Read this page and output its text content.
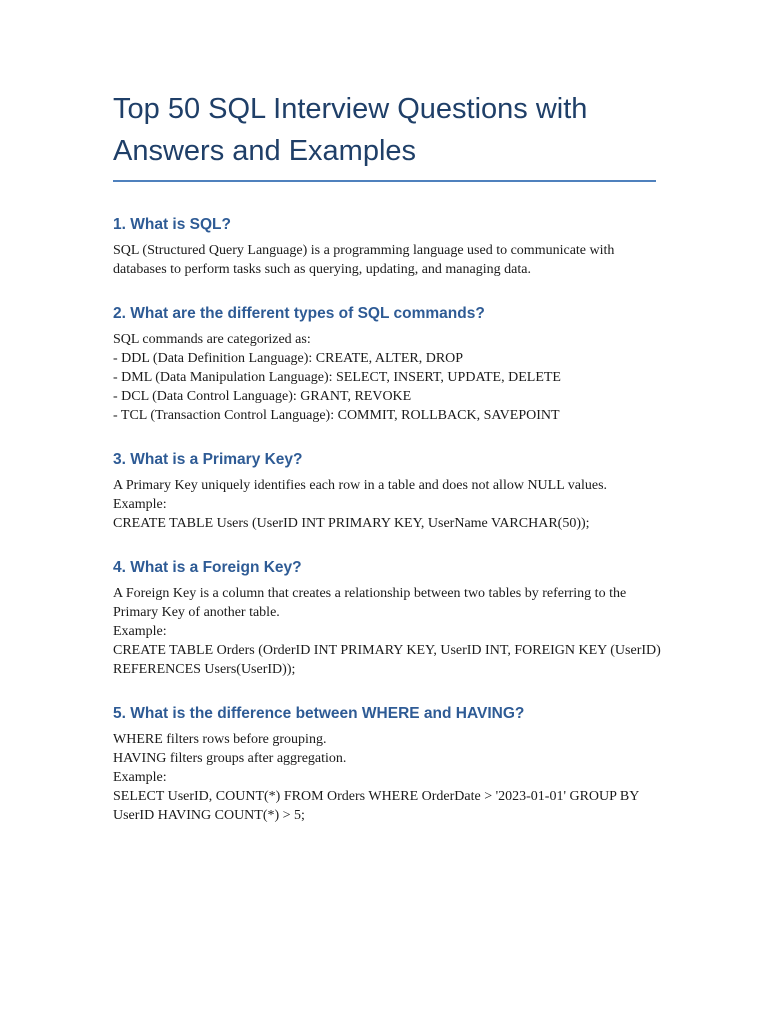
Top 50 SQL Interview Questions with
Answers and Examples
1. What is SQL?

SQL (Structured Query Language) is a programming language used to communicate with

databases to perform tasks such as querying, updating, and managing data.

2. What are the different types of SQL commands?

SQL commands are categorized as:

- DDL (Data Definition Language): CREATE, ALTER, DROP

- DML (Data Manipulation Language): SELECT, INSERT, UPDATE, DELETE

- DCL (Data Control Language): GRANT, REVOKE

- TCL (Transaction Control Language): COMMIT, ROLLBACK, SAVEPOINT

3. What is a Primary Key?

A Primary Key uniquely identifies each row in a table and does not allow NULL values.

Example:

CREATE TABLE Users (UserID INT PRIMARY KEY, UserName VARCHAR(50));

4. What is a Foreign Key?

A Foreign Key is a column that creates a relationship between two tables by referring to the

Primary Key of another table.

Example:

CREATE TABLE Orders (OrderID INT PRIMARY KEY, UserID INT, FOREIGN KEY (UserID)

REFERENCES Users(UserID));

5. What is the difference between WHERE and HAVING?

WHERE filters rows before grouping.

HAVING filters groups after aggregation.

Example:

SELECT UserID, COUNT(*) FROM Orders WHERE OrderDate > '2023-01-01' GROUP BY

UserID HAVING COUNT(*) > 5;
